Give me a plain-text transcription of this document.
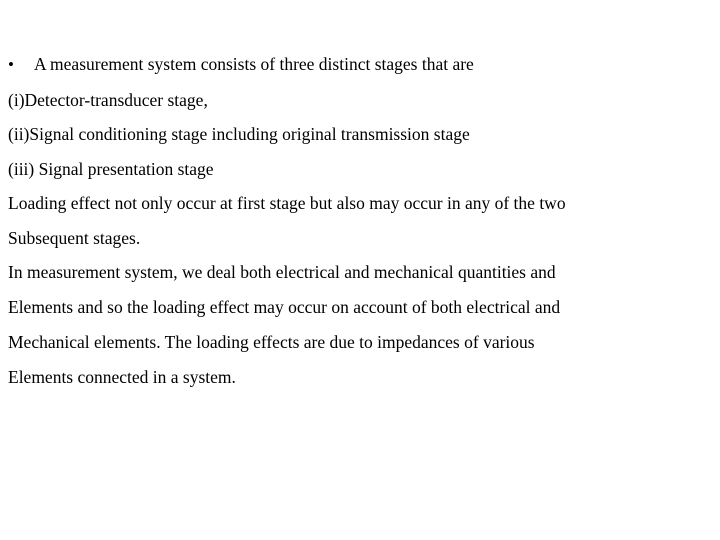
• A measurement system consists of three distinct stages that are
(i)Detector-transducer stage,
(ii)Signal conditioning stage including original transmission stage
(iii) Signal presentation stage
Loading effect not only occur at first stage but also may occur in any of the two
Subsequent stages.
In measurement system, we deal both electrical and mechanical quantities and
Elements and so the loading effect may occur on account of both electrical and
Mechanical elements. The loading effects are due to impedances of various
Elements connected in a system.
